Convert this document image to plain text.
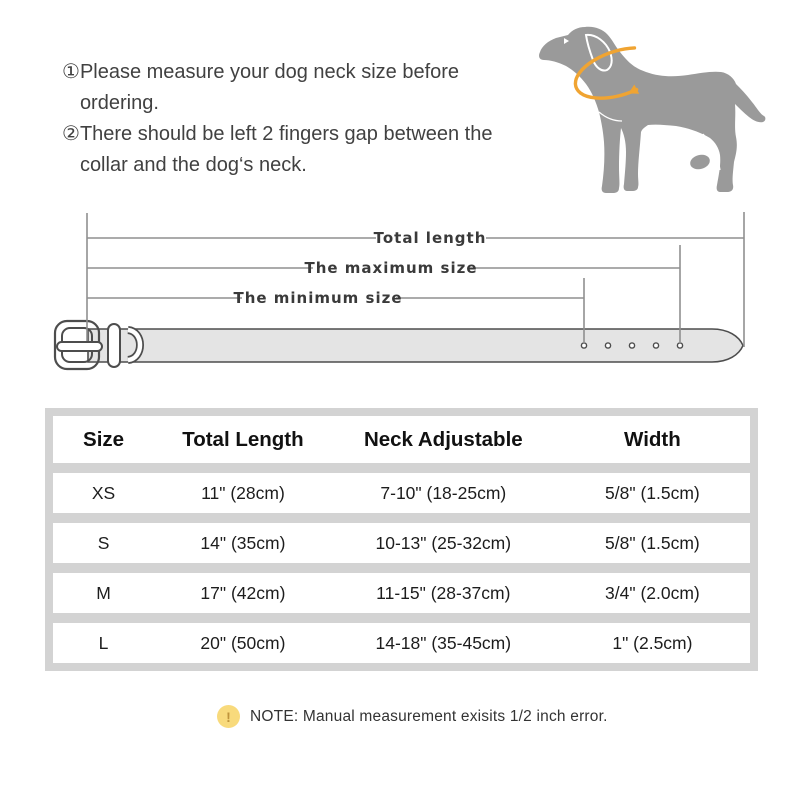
① Please measure your dog neck size before ordering.
② There should be left 2 fingers gap between the collar and the dog‘s neck.
Total length
The maximum size
The minimum size
Size	Total Length	Neck Adjustable	Width
XS	11" (28cm)	7-10" (18-25cm)	5/8" (1.5cm)
S	14" (35cm)	10-13" (25-32cm)	5/8" (1.5cm)
M	17" (42cm)	11-15" (28-37cm)	3/4" (2.0cm)
L	20" (50cm)	14-18" (35-45cm)	1" (2.5cm)
!	NOTE: Manual measurement exisits 1/2 inch error.
